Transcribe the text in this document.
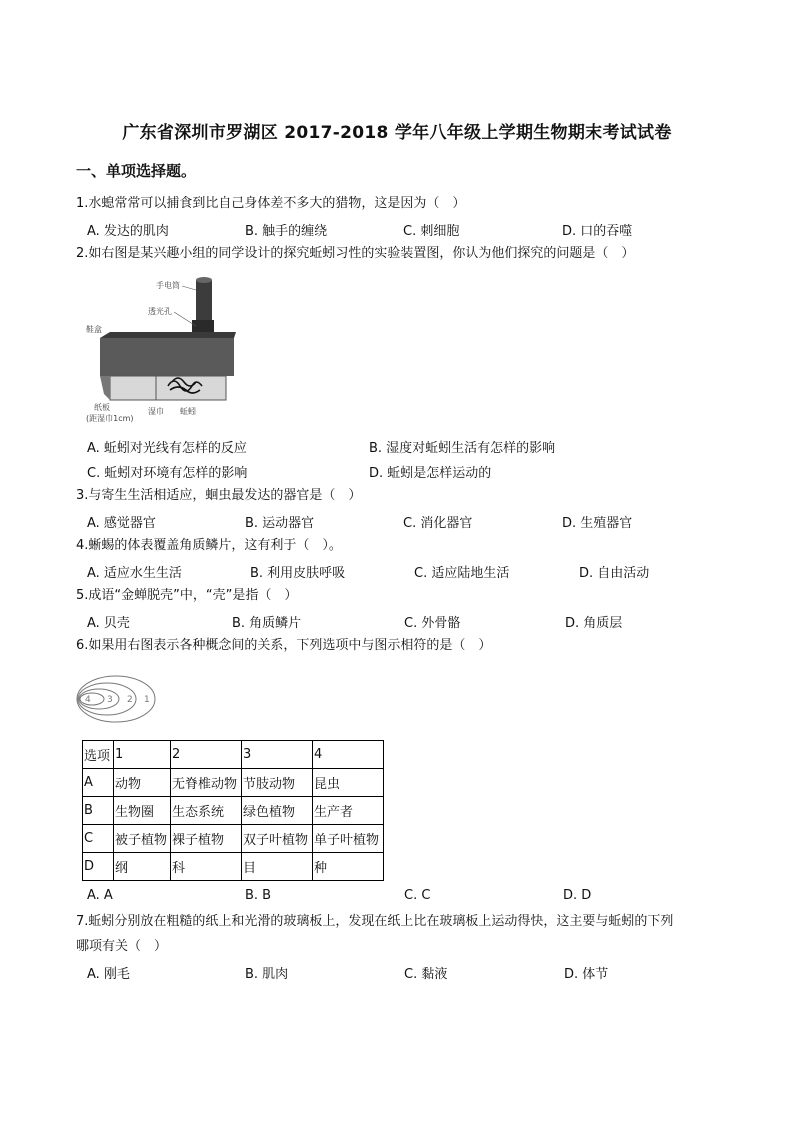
广东省深圳市罗湖区 2017-2018 学年八年级上学期生物期末考试试卷
一、单项选择题。
1.水螅常常可以捕食到比自己身体差不多大的猎物，这是因为（　）
A. 发达的肌肉	B. 触手的缠绕	C. 刺细胞	D. 口的吞噬
2.如右图是某兴趣小组的同学设计的探究蚯蚓习性的实验装置图，你认为他们探究的问题是（　）
手电筒
透光孔
鞋盒
纸板
(距湿巾1cm)
湿巾 蚯蚓
A. 蚯蚓对光线有怎样的反应	B. 湿度对蚯蚓生活有怎样的影响
C. 蚯蚓对环境有怎样的影响	D. 蚯蚓是怎样运动的
3.与寄生生活相适应，蛔虫最发达的器官是（　）
A. 感觉器官	B. 运动器官	C. 消化器官	D. 生殖器官
4.蜥蜴的体表覆盖角质鳞片，这有利于（　）。
A. 适应水生生活	B. 利用皮肤呼吸	C. 适应陆地生活	D. 自由活动
5.成语“金蝉脱壳”中，“壳”是指（　）
A. 贝壳	B. 角质鳞片	C. 外骨骼	D. 角质层
6.如果用右图表示各种概念间的关系，下列选项中与图示相符的是（　）
4 3 2 1
选项	1	2	3	4
A	动物	无脊椎动物	节肢动物	昆虫
B	生物圈	生态系统	绿色植物	生产者
C	被子植物	裸子植物	双子叶植物	单子叶植物
D	纲	科	目	种
A. A	B. B	C. C	D. D
7.蚯蚓分别放在粗糙的纸上和光滑的玻璃板上，发现在纸上比在玻璃板上运动得快，这主要与蚯蚓的下列
哪项有关（　）
A. 刚毛	B. 肌肉	C. 黏液	D. 体节
